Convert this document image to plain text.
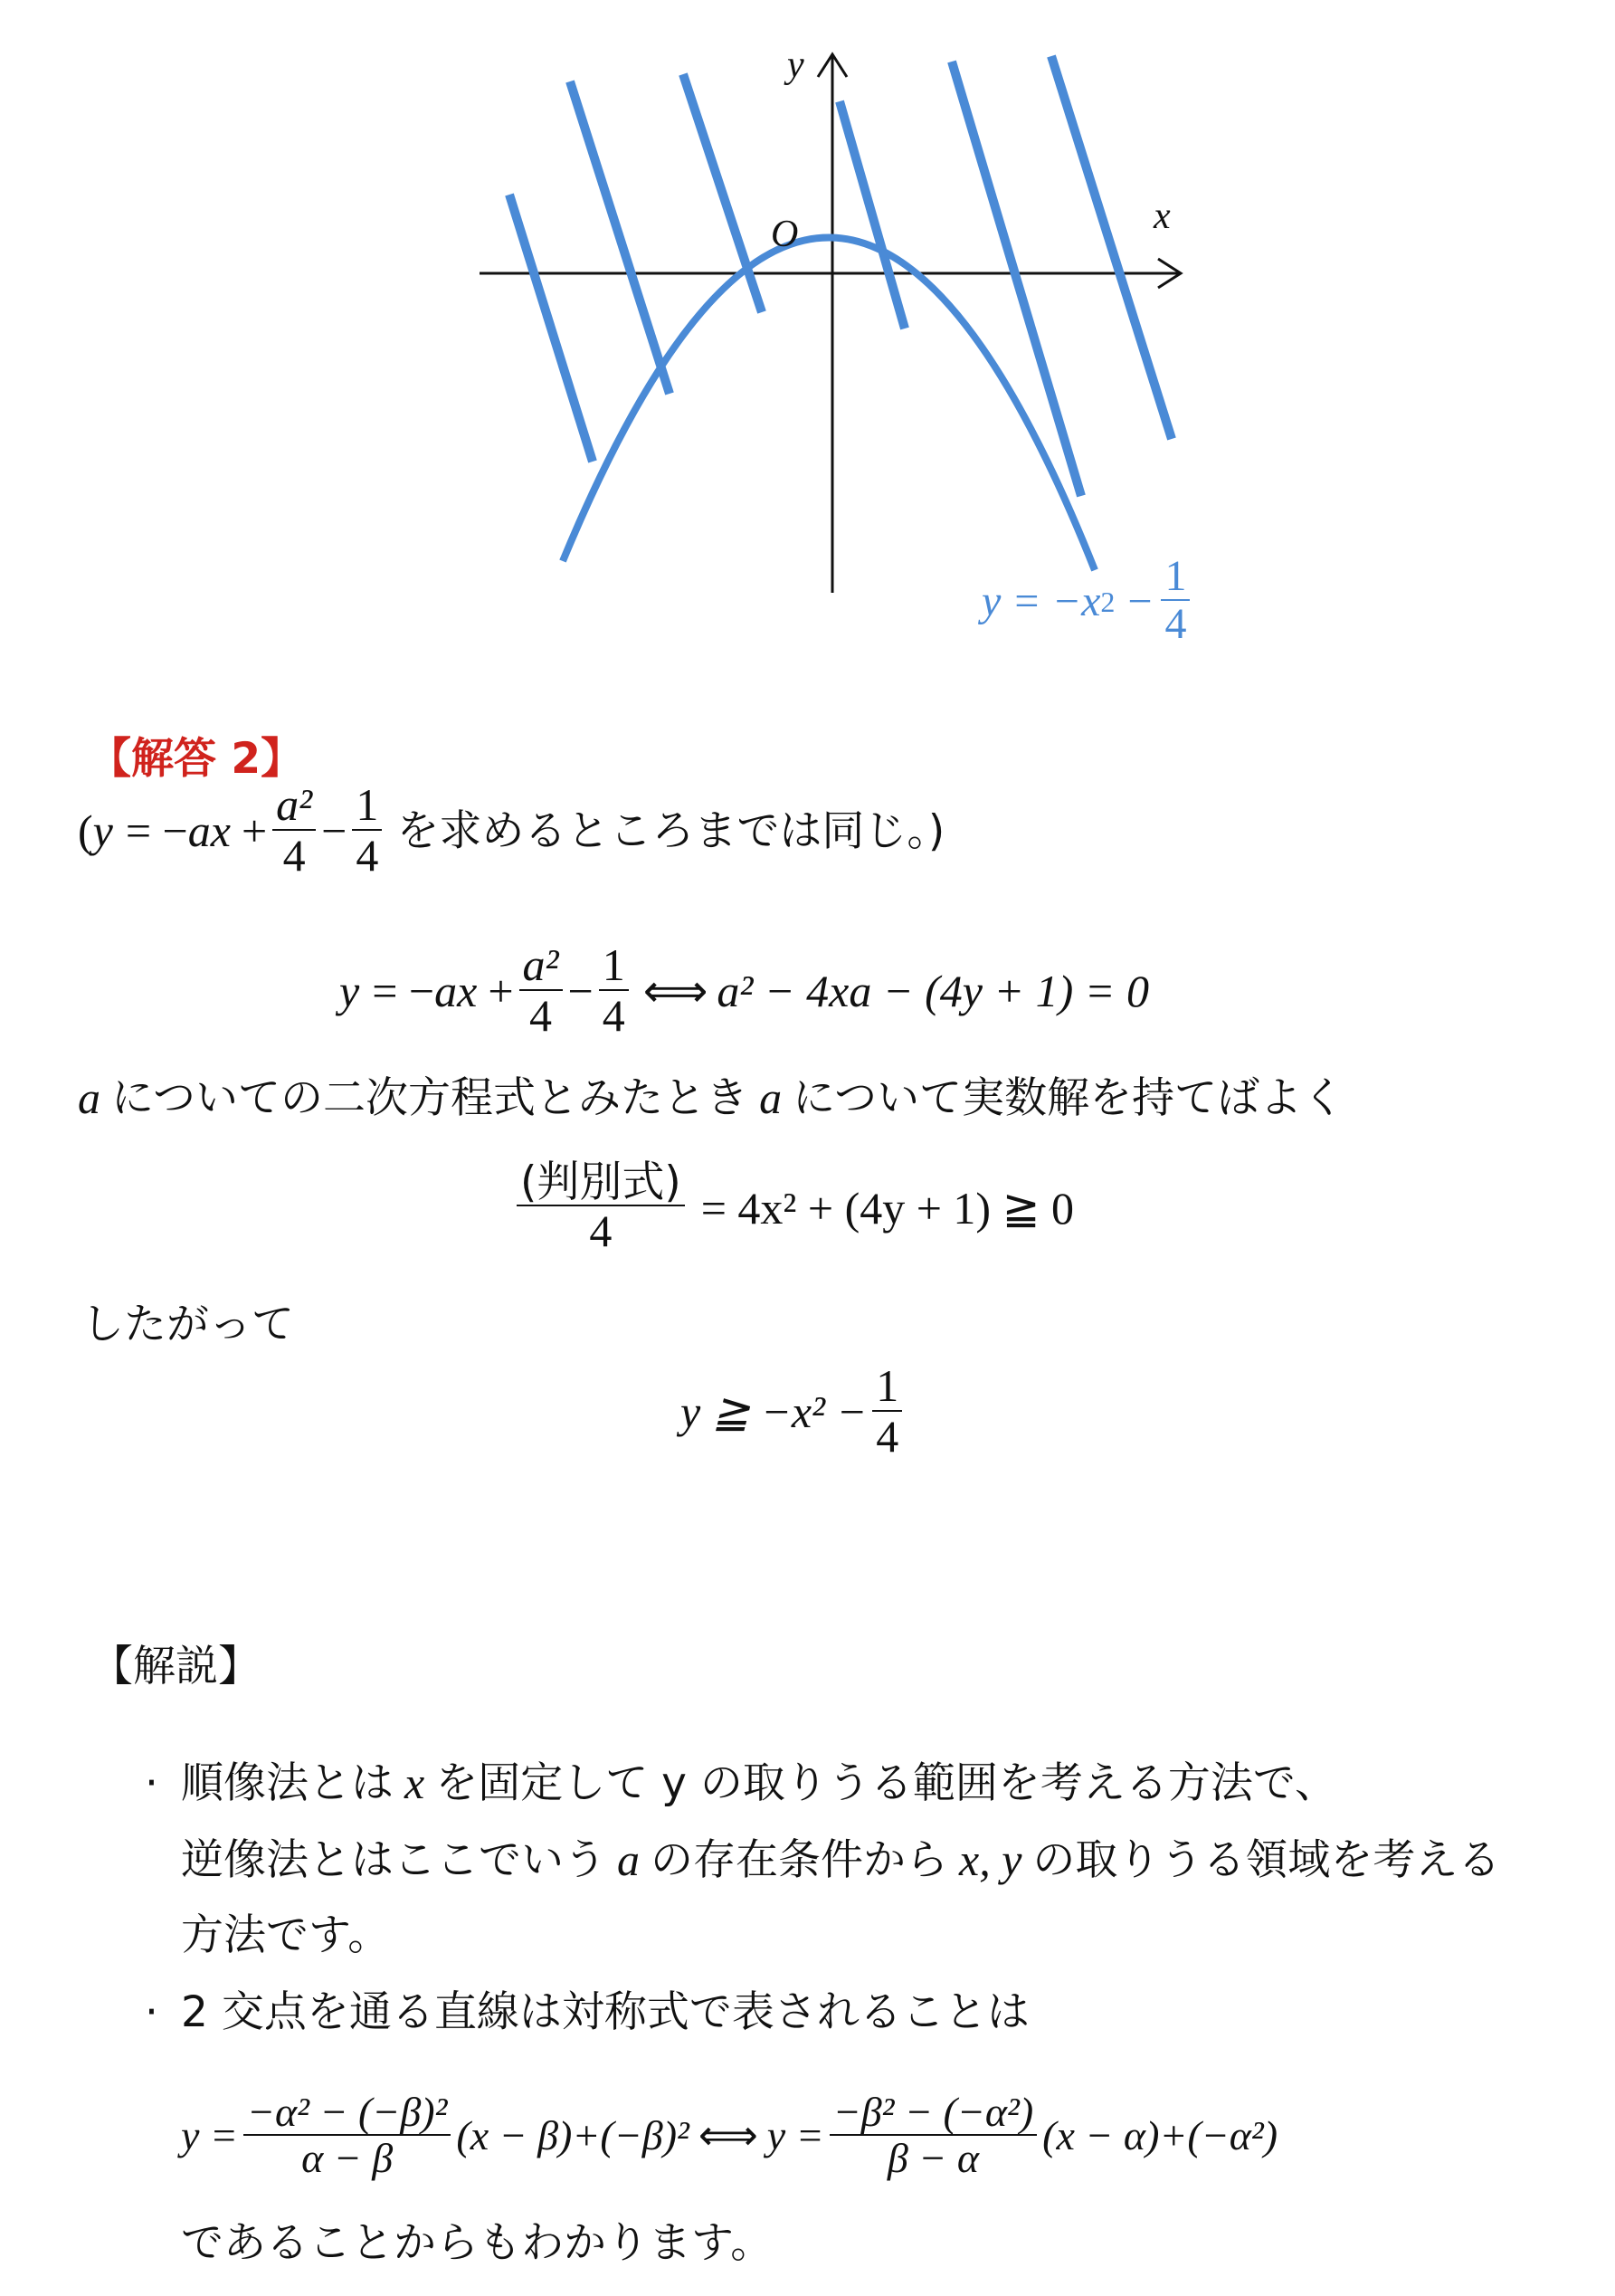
y
x
O
y = −x $2 - \frac{1}{4}$
【解答 2】
( y = − ax + $\frac{\text{a²}}{4} - \frac{1}{4}$ を求めるところまでは同じ。)
y = − ax + $\frac{\text{a²}}{4} - \frac{1}{4}$ ⟺ a² − 4xa − (4y + 1) = 0
a についての二次方程式とみたとき a について実数解を持てばよく
$\frac{\text{(判別式)}}{4} = 4x^2 + (4y + 1)$ ≧ 0
したがって
y ≧ $-x^2 - \frac{1}{4}$
【解説】
· 順像法とは x を固定して y の取りうる範囲を考える方法で、
逆像法とはここでいう a の存在条件から x, y の取りうる領域を考える
方法です。
· 2 交点を通る直線は対称式で表されることは
$y = \frac{\text{−α² − (−β)²}}{\alpha - \beta} (x - \beta)+(-\beta)^2$ ⟺ $y = \frac{\text{−β² − (−α²)}}{\beta - \alpha} (x - \alpha)+(-\alpha^2)$
であることからもわかります。
